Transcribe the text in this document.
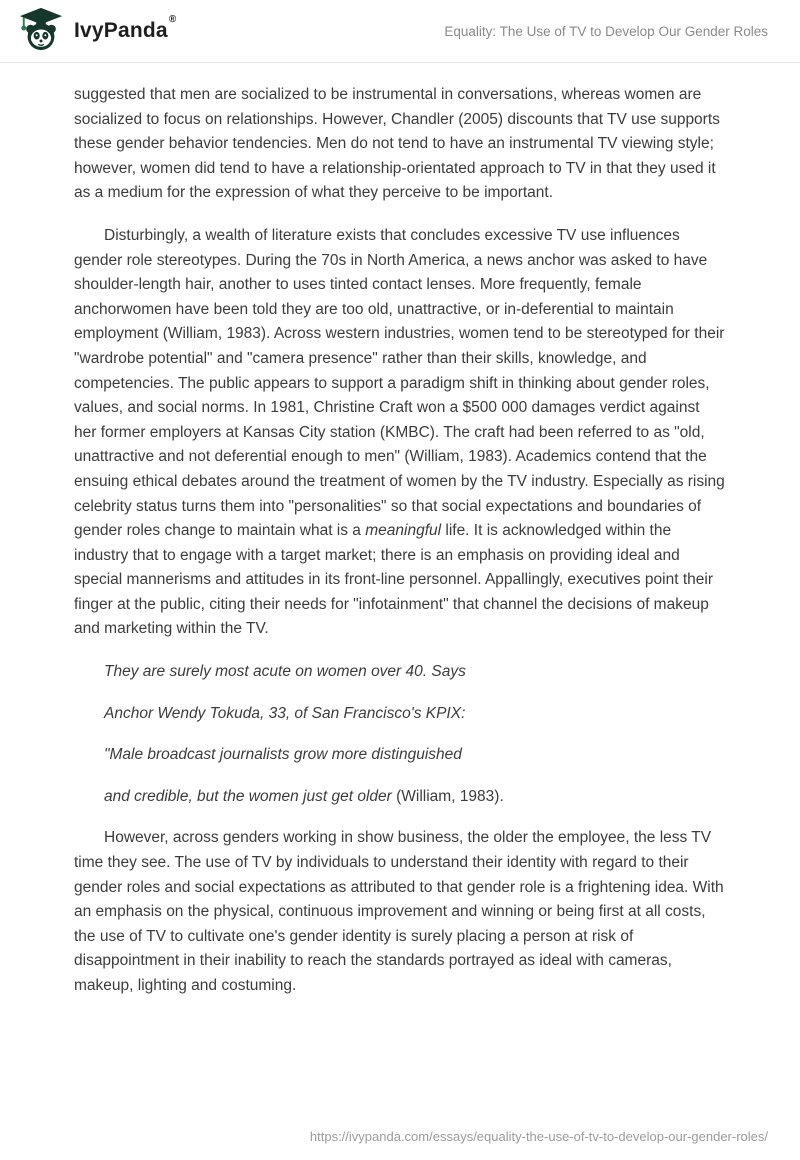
IvyPanda®
Equality: The Use of TV to Develop Our Gender Roles

suggested that men are socialized to be instrumental in conversations, whereas women are socialized to focus on relationships. However, Chandler (2005) discounts that TV use supports these gender behavior tendencies. Men do not tend to have an instrumental TV viewing style; however, women did tend to have a relationship-orientated approach to TV in that they used it as a medium for the expression of what they perceive to be important.

Disturbingly, a wealth of literature exists that concludes excessive TV use influences gender role stereotypes. During the 70s in North America, a news anchor was asked to have shoulder-length hair, another to uses tinted contact lenses. More frequently, female anchorwomen have been told they are too old, unattractive, or in-deferential to maintain employment (William, 1983). Across western industries, women tend to be stereotyped for their "wardrobe potential" and "camera presence" rather than their skills, knowledge, and competencies. The public appears to support a paradigm shift in thinking about gender roles, values, and social norms. In 1981, Christine Craft won a $500 000 damages verdict against her former employers at Kansas City station (KMBC). The craft had been referred to as "old, unattractive and not deferential enough to men" (William, 1983). Academics contend that the ensuing ethical debates around the treatment of women by the TV industry. Especially as rising celebrity status turns them into "personalities" so that social expectations and boundaries of gender roles change to maintain what is a meaningful life. It is acknowledged within the industry that to engage with a target market; there is an emphasis on providing ideal and special mannerisms and attitudes in its front-line personnel. Appallingly, executives point their finger at the public, citing their needs for "infotainment" that channel the decisions of makeup and marketing within the TV.

They are surely most acute on women over 40. Says

Anchor Wendy Tokuda, 33, of San Francisco's KPIX:

"Male broadcast journalists grow more distinguished

and credible, but the women just get older (William, 1983).

However, across genders working in show business, the older the employee, the less TV time they see. The use of TV by individuals to understand their identity with regard to their gender roles and social expectations as attributed to that gender role is a frightening idea. With an emphasis on the physical, continuous improvement and winning or being first at all costs, the use of TV to cultivate one's gender identity is surely placing a person at risk of disappointment in their inability to reach the standards portrayed as ideal with cameras, makeup, lighting and costuming.

https://ivypanda.com/essays/equality-the-use-of-tv-to-develop-our-gender-roles/
